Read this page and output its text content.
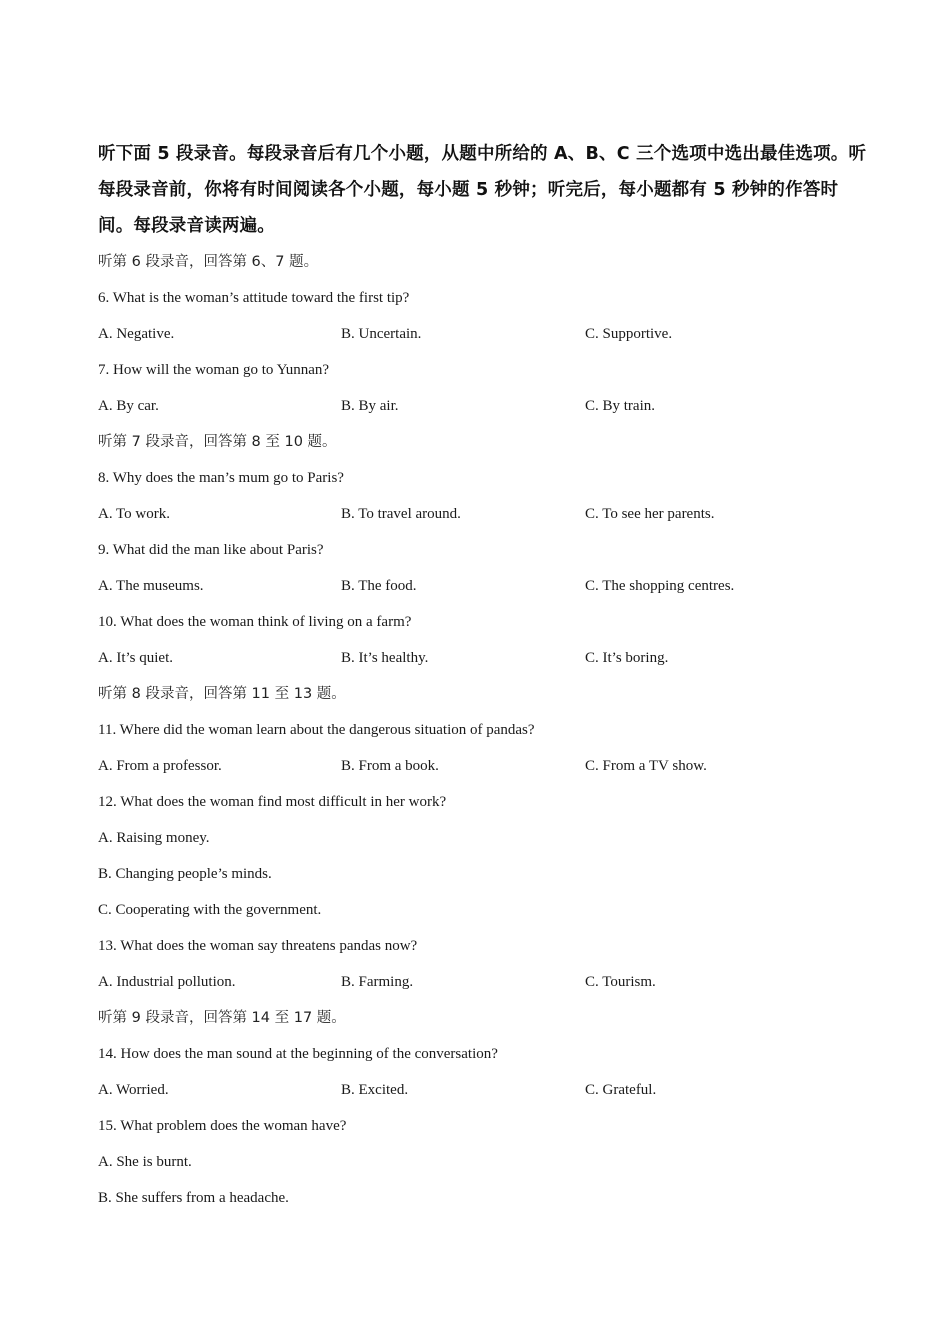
听下面 5 段录音。每段录音后有几个小题，从题中所给的 A、B、C 三个选项中选出最佳选项。听每段录音前，你将有时间阅读各个小题，每小题 5 秒钟；听完后，每小题都有 5 秒钟的作答时间。每段录音读两遍。

听第 6 段录音，回答第 6、7 题。
6. What is the woman’s attitude toward the first tip?
A. Negative.	B. Uncertain.	C. Supportive.
7. How will the woman go to Yunnan?
A. By car.	B. By air.	C. By train.
听第 7 段录音，回答第 8 至 10 题。
8. Why does the man’s mum go to Paris?
A. To work.	B. To travel around.	C. To see her parents.
9. What did the man like about Paris?
A. The museums.	B. The food.	C. The shopping centres.
10. What does the woman think of living on a farm?
A. It’s quiet.	B. It’s healthy.	C. It’s boring.
听第 8 段录音，回答第 11 至 13 题。
11. Where did the woman learn about the dangerous situation of pandas?
A. From a professor.	B. From a book.	C. From a TV show.
12. What does the woman find most difficult in her work?
A. Raising money.
B. Changing people’s minds.
C. Cooperating with the government.
13. What does the woman say threatens pandas now?
A. Industrial pollution.	B. Farming.	C. Tourism.
听第 9 段录音，回答第 14 至 17 题。
14. How does the man sound at the beginning of the conversation?
A. Worried.	B. Excited.	C. Grateful.
15. What problem does the woman have?
A. She is burnt.
B. She suffers from a headache.
